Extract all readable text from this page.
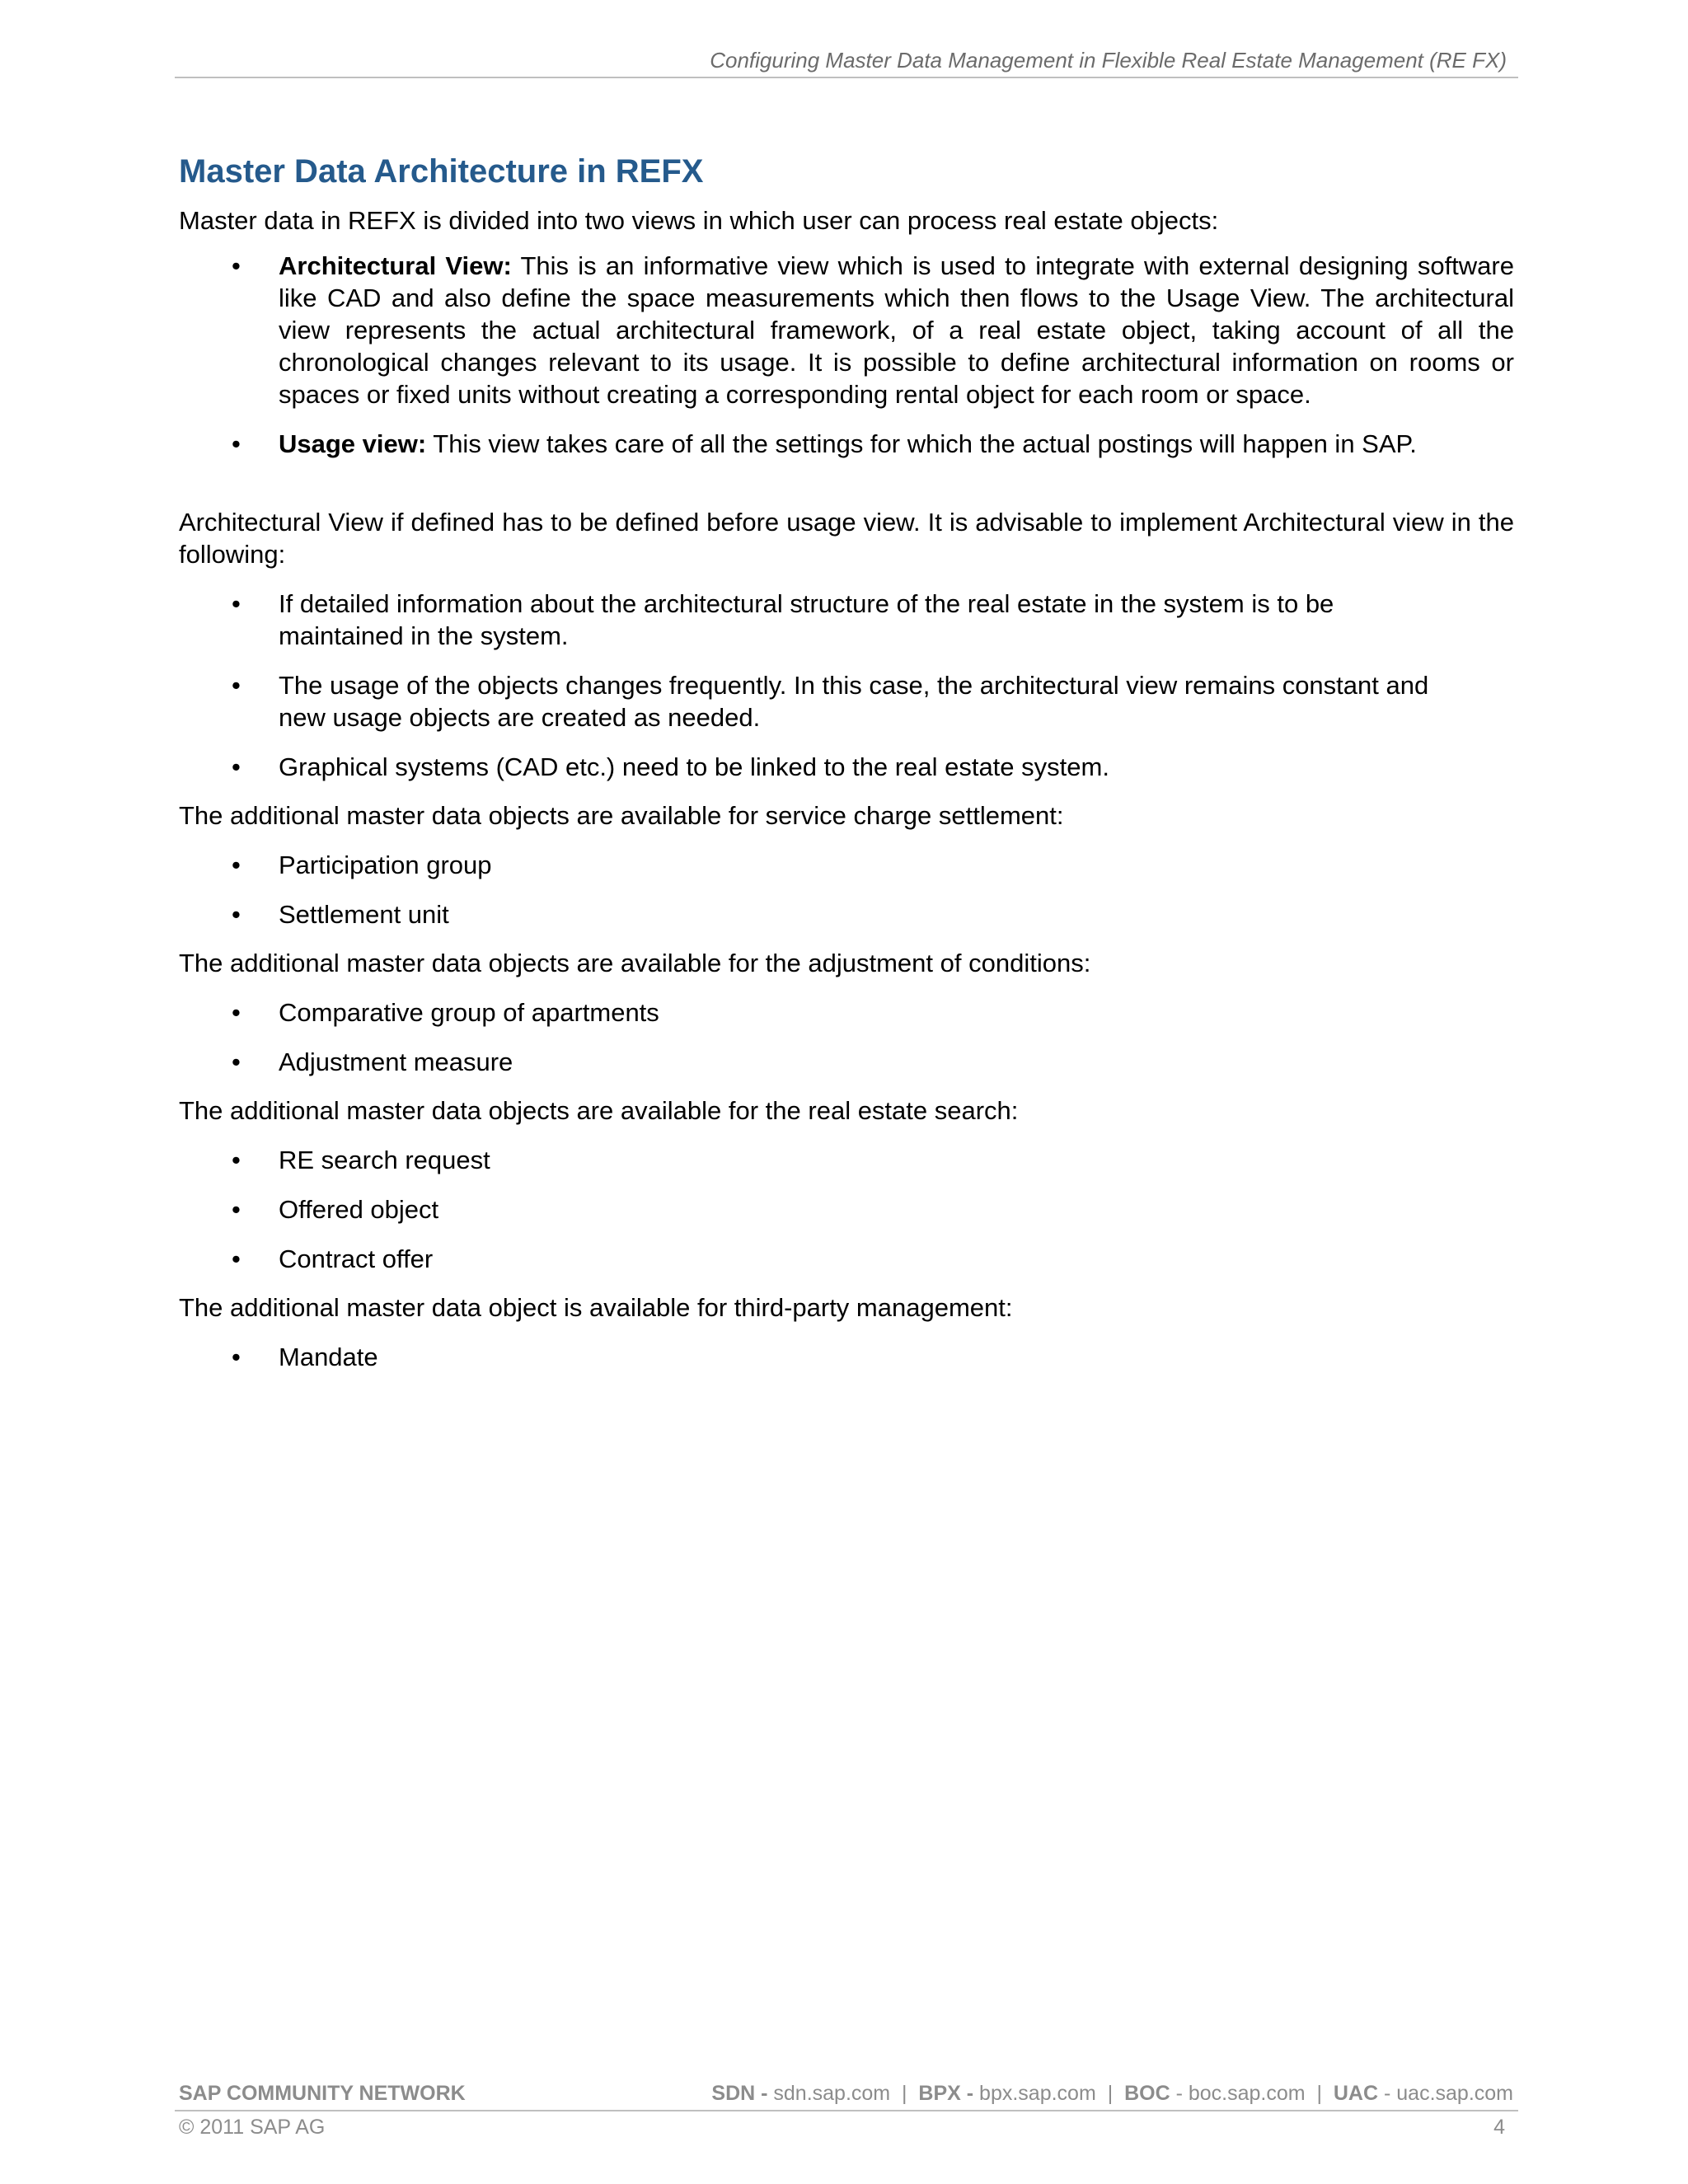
Configuring Master Data Management in Flexible Real Estate Management (RE FX)
Master Data Architecture in REFX

Master data in REFX is divided into two views in which user can process real estate objects:

• Architectural View: This is an informative view which is used to integrate with external designing software like CAD and also define the space measurements which then flows to the Usage View. The architectural view represents the actual architectural framework, of a real estate object, taking account of all the chronological changes relevant to its usage. It is possible to define architectural information on rooms or spaces or fixed units without creating a corresponding rental object for each room or space.
• Usage view: This view takes care of all the settings for which the actual postings will happen in SAP.

Architectural View if defined has to be defined before usage view. It is advisable to implement Architectural view in the following:

• If detailed information about the architectural structure of the real estate in the system is to be maintained in the system.
• The usage of the objects changes frequently. In this case, the architectural view remains constant and new usage objects are created as needed.
• Graphical systems (CAD etc.) need to be linked to the real estate system.

The additional master data objects are available for service charge settlement:

• Participation group
• Settlement unit

The additional master data objects are available for the adjustment of conditions:

• Comparative group of apartments
• Adjustment measure

The additional master data objects are available for the real estate search:

• RE search request
• Offered object
• Contract offer

The additional master data object is available for third-party management:

• Mandate
SAP COMMUNITY NETWORK	SDN - sdn.sap.com  |  BPX - bpx.sap.com  |  BOC - boc.sap.com  |  UAC - uac.sap.com
© 2011 SAP AG	4
